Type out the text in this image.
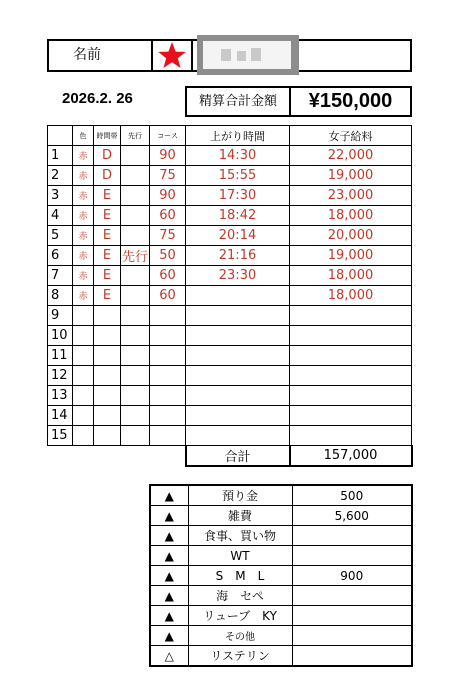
名前
2026.2. 26	精算合計金額	¥150,000
	色	時間帯	先行	コース	上がり時間	女子給料
1	赤	D		90	14:30	22,000
2	赤	D		75	15:55	19,000
3	赤	E		90	17:30	23,000
4	赤	E		60	18:42	18,000
5	赤	E		75	20:14	20,000
6	赤	E	先行	50	21:16	19,000
7	赤	E		60	23:30	18,000
8	赤	E		60		18,000
9						
10						
11						
12						
13						
14						
15						
					合計	157,000
▲	預り金	500
▲	雑費	5,600
▲	食事、買い物	
▲	WT	
▲	S　M　L	900
▲	海　セペ	
▲	リューブ　KY	
▲	その他	
△	リステリン	
